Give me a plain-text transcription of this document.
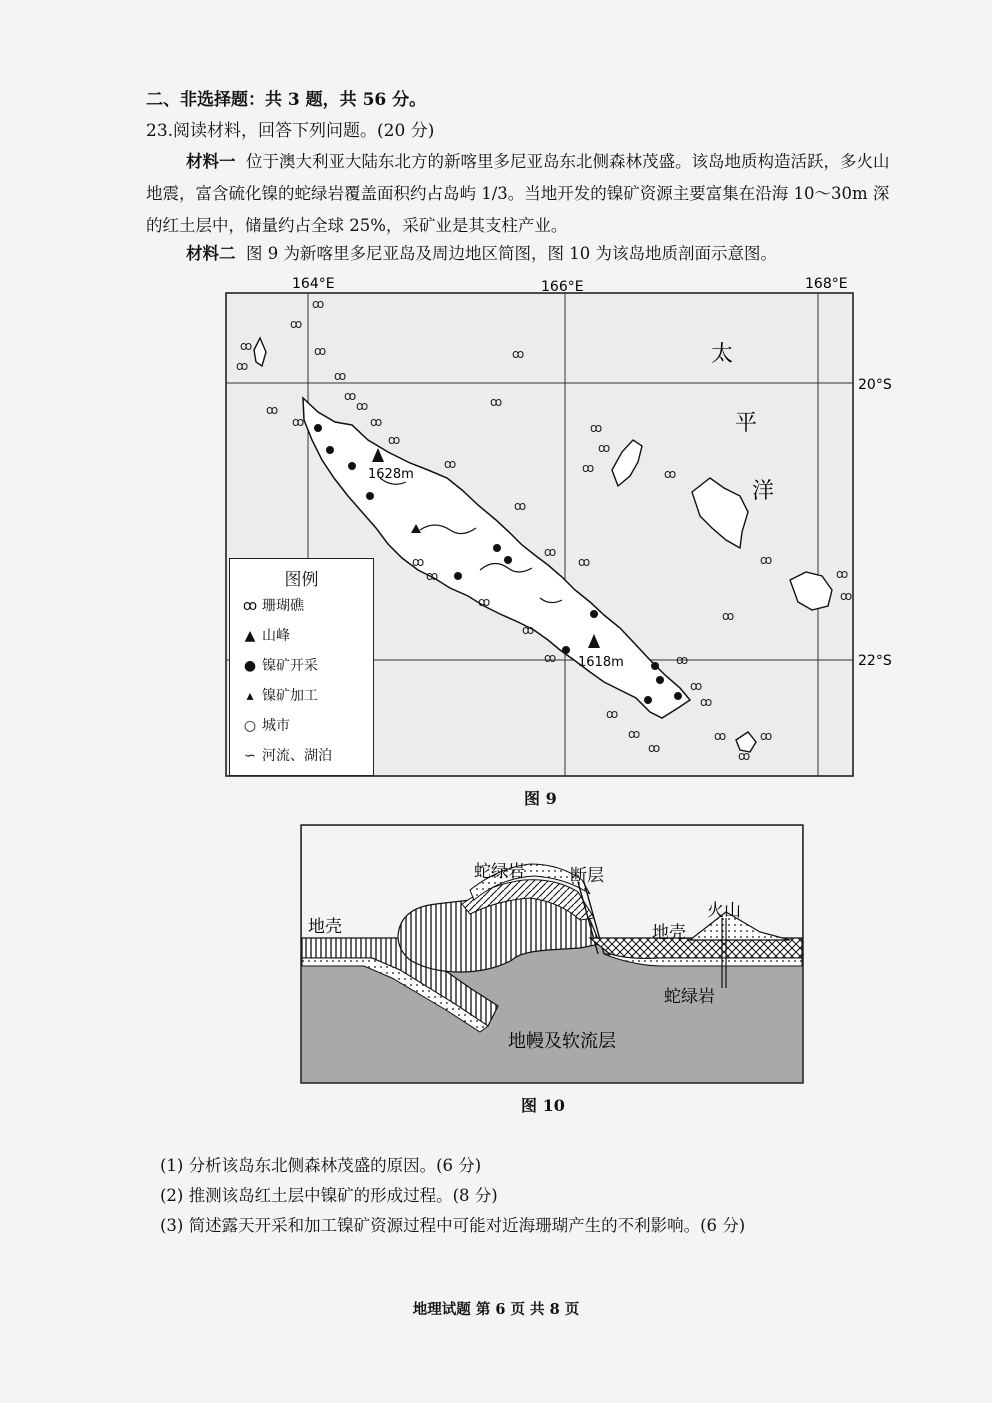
二、非选择题：共 3 题，共 56 分。
23.阅读材料，回答下列问题。(20 分)
材料一 位于澳大利亚大陆东北方的新喀里多尼亚岛东北侧森林茂盛。该岛地质构造活跃，多火山地震，富含硫化镍的蛇绿岩覆盖面积约占岛屿 1/3。当地开发的镍矿资源主要富集在沿海 10～30m 深的红土层中，储量约占全球 25%，采矿业是其支柱产业。
材料二 图 9 为新喀里多尼亚岛及周边地区简图，图 10 为该岛地质剖面示意图。
164°E	166°E	168°E
20°S
22°S
太
平
洋
1628m
1618m
ꝏ
ꝏ
ꝏ
ꝏ
ꝏ
ꝏ
ꝏ
ꝏ
ꝏ
ꝏ
ꝏ
ꝏ
ꝏ
ꝏ
ꝏ
ꝏ
ꝏ
ꝏ
ꝏ
ꝏ
ꝏ
ꝏ
ꝏ
ꝏ
ꝏ
ꝏ
ꝏ
ꝏ
ꝏ
ꝏ
ꝏ
ꝏ
ꝏ
ꝏ
ꝏ
ꝏ
ꝏ
ꝏ
ꝏ
ꝏ
图例
ꝏ 珊瑚礁
▲ 山峰
● 镍矿开采
▴ 镍矿加工
○ 城市
∽ 河流、湖泊
图 9
蛇绿岩	断层
火山
地壳	地壳
蛇绿岩
地幔及软流层
图 10
(1) 分析该岛东北侧森林茂盛的原因。(6 分)
(2) 推测该岛红土层中镍矿的形成过程。(8 分)
(3) 简述露天开采和加工镍矿资源过程中可能对近海珊瑚产生的不利影响。(6 分)
地理试题 第 6 页 共 8 页
